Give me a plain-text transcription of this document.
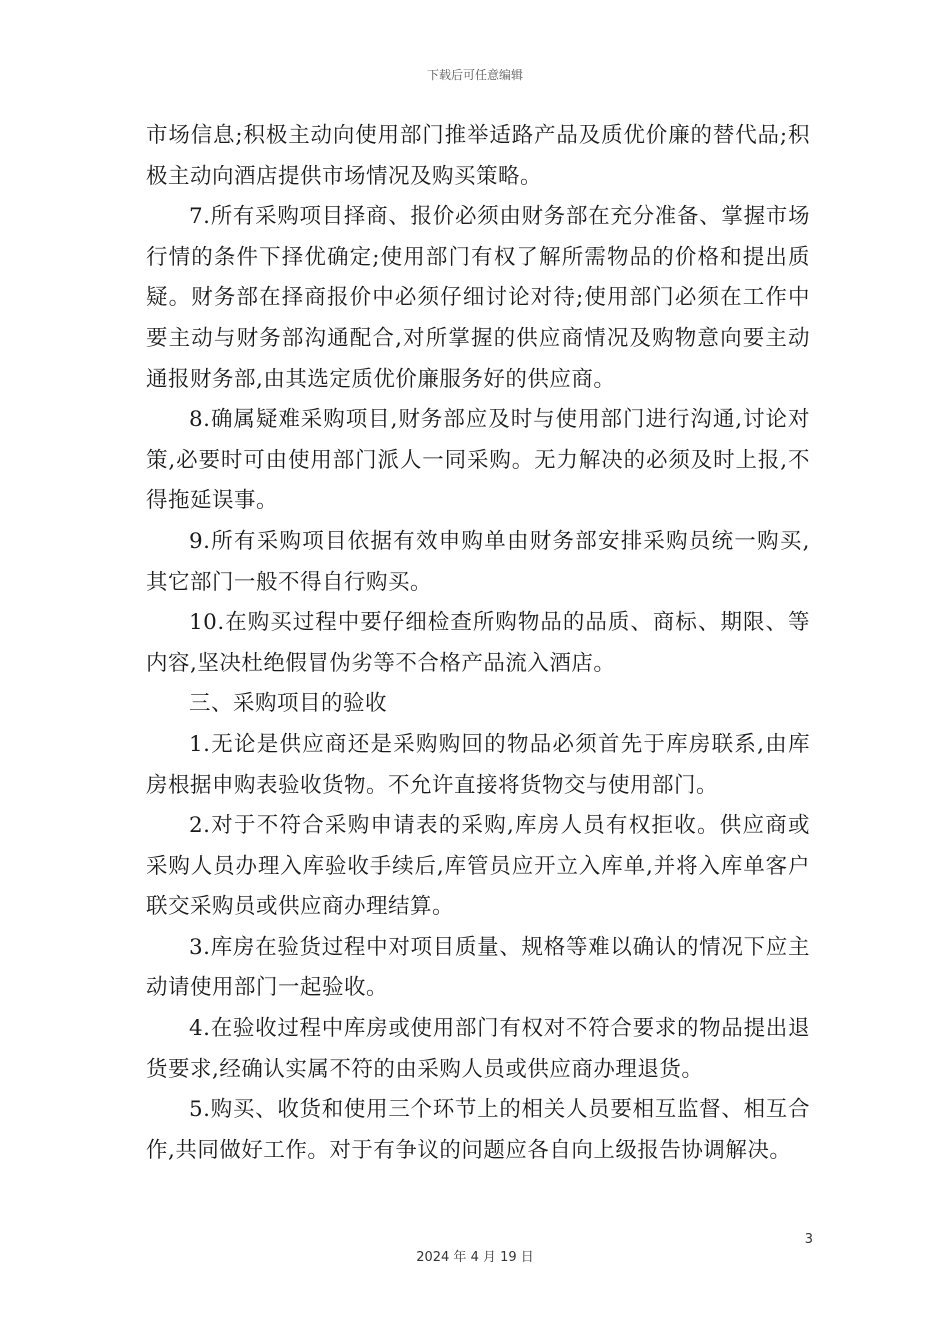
下载后可任意编辑

市场信息;积极主动向使用部门推举适路产品及质优价廉的替代品;积极主动向酒店提供市场情况及购买策略。

7.所有采购项目择商、报价必须由财务部在充分准备、掌握市场行情的条件下择优确定;使用部门有权了解所需物品的价格和提出质疑。财务部在择商报价中必须仔细讨论对待;使用部门必须在工作中要主动与财务部沟通配合,对所掌握的供应商情况及购物意向要主动通报财务部,由其选定质优价廉服务好的供应商。

8.确属疑难采购项目,财务部应及时与使用部门进行沟通,讨论对策,必要时可由使用部门派人一同采购。无力解决的必须及时上报,不得拖延误事。

9.所有采购项目依据有效申购单由财务部安排采购员统一购买,其它部门一般不得自行购买。

10.在购买过程中要仔细检查所购物品的品质、商标、期限、等内容,坚决杜绝假冒伪劣等不合格产品流入酒店。

三、采购项目的验收

1.无论是供应商还是采购购回的物品必须首先于库房联系,由库房根据申购表验收货物。不允许直接将货物交与使用部门。

2.对于不符合采购申请表的采购,库房人员有权拒收。供应商或采购人员办理入库验收手续后,库管员应开立入库单,并将入库单客户联交采购员或供应商办理结算。

3.库房在验货过程中对项目质量、规格等难以确认的情况下应主动请使用部门一起验收。

4.在验收过程中库房或使用部门有权对不符合要求的物品提出退货要求,经确认实属不符的由采购人员或供应商办理退货。

5.购买、收货和使用三个环节上的相关人员要相互监督、相互合作,共同做好工作。对于有争议的问题应各自向上级报告协调解决。

3
2024 年 4 月 19 日
